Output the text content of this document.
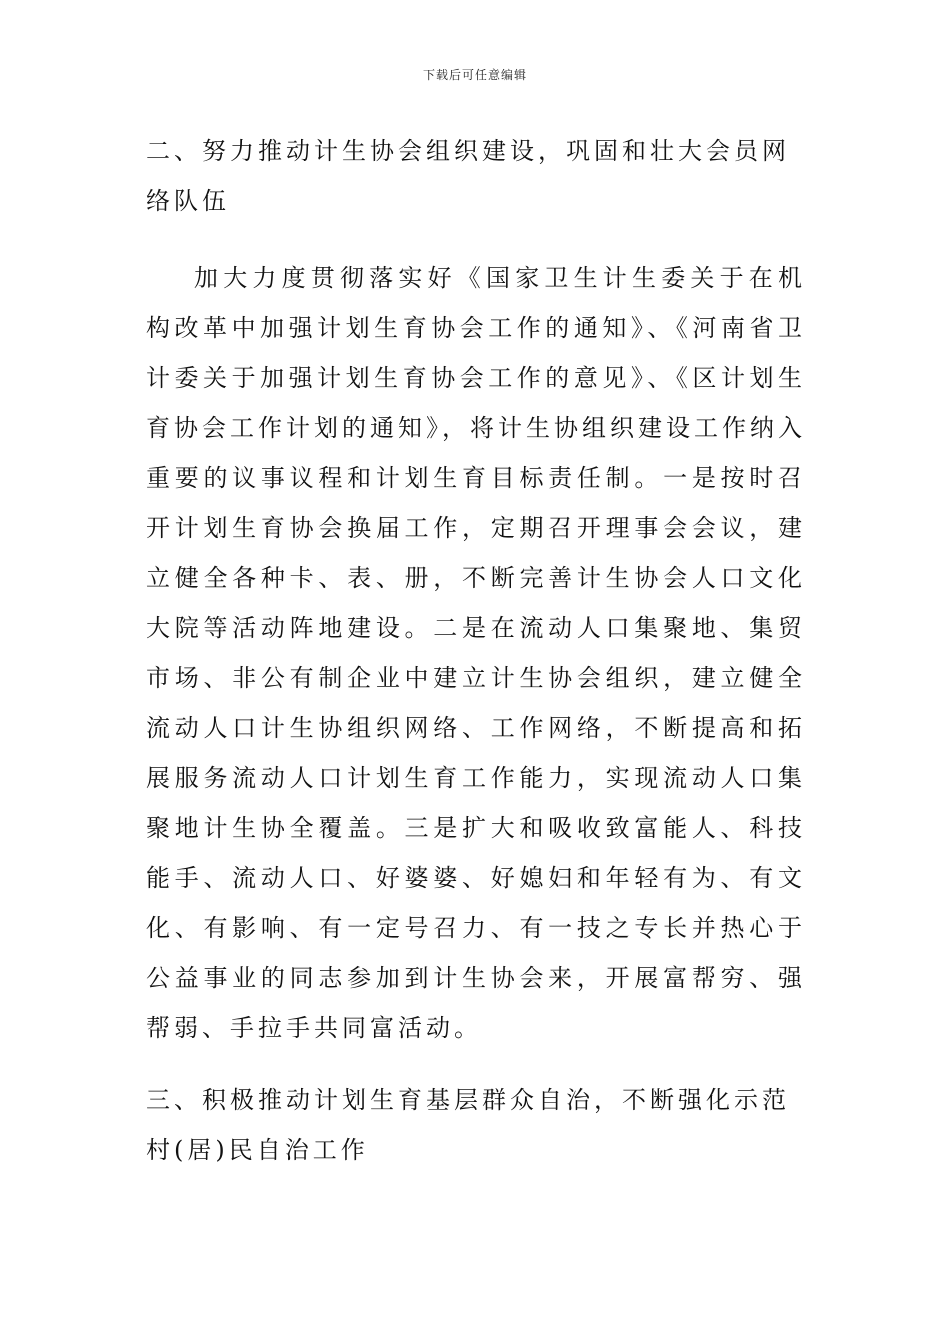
下载后可任意编辑
二、努力推动计生协会组织建设，巩固和壮大会员网络队伍

加大力度贯彻落实好《国家卫生计生委关于在机构改革中加强计划生育协会工作的通知》、《河南省卫计委关于加强计划生育协会工作的意见》、《区计划生育协会工作计划的通知》，将计生协组织建设工作纳入重要的议事议程和计划生育目标责任制。一是按时召开计划生育协会换届工作，定期召开理事会会议，建立健全各种卡、表、册，不断完善计生协会人口文化大院等活动阵地建设。二是在流动人口集聚地、集贸市场、非公有制企业中建立计生协会组织，建立健全流动人口计生协组织网络、工作网络，不断提高和拓展服务流动人口计划生育工作能力，实现流动人口集聚地计生协全覆盖。三是扩大和吸收致富能人、科技能手、流动人口、好婆婆、好媳妇和年轻有为、有文化、有影响、有一定号召力、有一技之专长并热心于公益事业的同志参加到计生协会来，开展富帮穷、强帮弱、手拉手共同富活动。

三、积极推动计划生育基层群众自治，不断强化示范村(居)民自治工作
